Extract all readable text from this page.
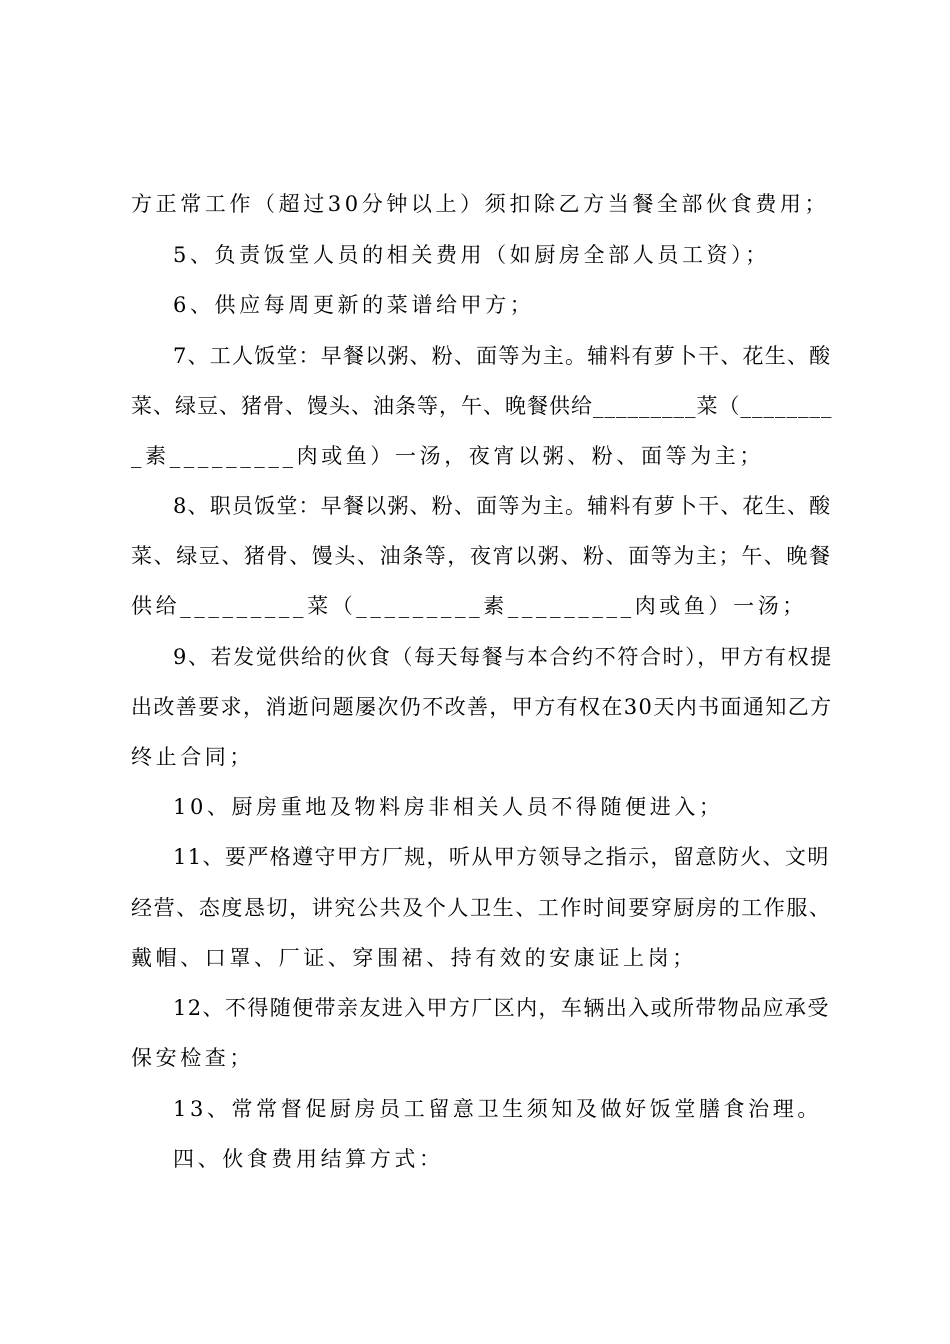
方正常工作（超过30分钟以上）须扣除乙方当餐全部伙食费用；
5、负责饭堂人员的相关费用（如厨房全部人员工资）；
6、供应每周更新的菜谱给甲方；
7、工人饭堂：早餐以粥、粉、面等为主。辅料有萝卜干、花生、酸
菜、绿豆、猪骨、馒头、油条等，午、晚餐供给_________菜（________
_素_________肉或鱼）一汤，夜宵以粥、粉、面等为主；
8、职员饭堂：早餐以粥、粉、面等为主。辅料有萝卜干、花生、酸
菜、绿豆、猪骨、馒头、油条等，夜宵以粥、粉、面等为主；午、晚餐
供给_________菜（_________素_________肉或鱼）一汤；
9、若发觉供给的伙食（每天每餐与本合约不符合时），甲方有权提
出改善要求，消逝问题屡次仍不改善，甲方有权在30天内书面通知乙方
终止合同；
10、厨房重地及物料房非相关人员不得随便进入；
11、要严格遵守甲方厂规，听从甲方领导之指示，留意防火、文明
经营、态度恳切，讲究公共及个人卫生、工作时间要穿厨房的工作服、
戴帽、口罩、厂证、穿围裙、持有效的安康证上岗；
12、不得随便带亲友进入甲方厂区内，车辆出入或所带物品应承受
保安检查；
13、常常督促厨房员工留意卫生须知及做好饭堂膳食治理。
四、伙食费用结算方式：
